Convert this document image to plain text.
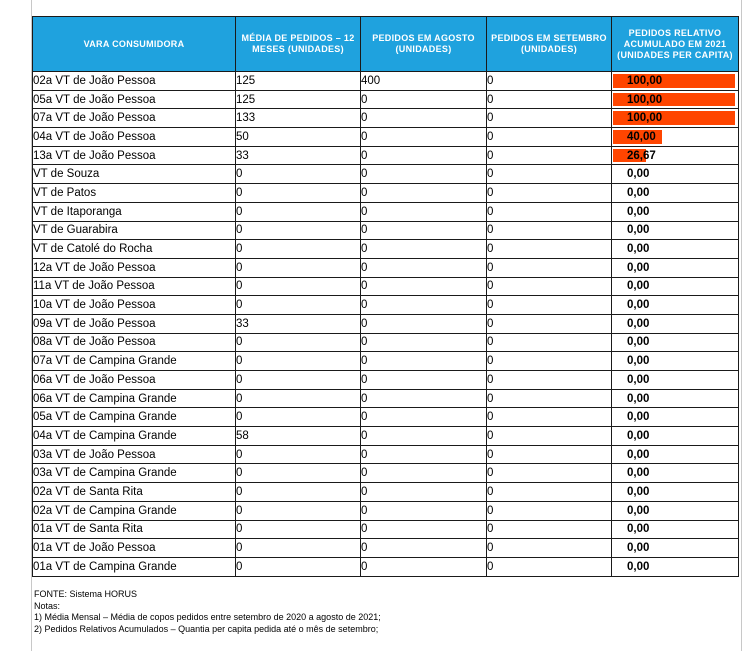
VARA CONSUMIDORA	MÉDIA DE PEDIDOS – 12 MESES (UNIDADES)	PEDIDOS EM AGOSTO (UNIDADES)	PEDIDOS EM SETEMBRO (UNIDADES)	PEDIDOS RELATIVO ACUMULADO EM 2021 (UNIDADES PER CAPITA)
02a VT de João Pessoa	125	400	0	100,00
05a VT de João Pessoa	125	0	0	100,00
07a VT de João Pessoa	133	0	0	100,00
04a VT de João Pessoa	50	0	0	40,00
13a VT de João Pessoa	33	0	0	26,67
VT de Souza	0	0	0	0,00
VT de Patos	0	0	0	0,00
VT de Itaporanga	0	0	0	0,00
VT de Guarabira	0	0	0	0,00
VT de Catolé do Rocha	0	0	0	0,00
12a VT de João Pessoa	0	0	0	0,00
11a VT de João Pessoa	0	0	0	0,00
10a VT de João Pessoa	0	0	0	0,00
09a VT de João Pessoa	33	0	0	0,00
08a VT de João Pessoa	0	0	0	0,00
07a VT de Campina Grande	0	0	0	0,00
06a VT de João Pessoa	0	0	0	0,00
06a VT de Campina Grande	0	0	0	0,00
05a VT de Campina Grande	0	0	0	0,00
04a VT de Campina Grande	58	0	0	0,00
03a VT de João Pessoa	0	0	0	0,00
03a VT de Campina Grande	0	0	0	0,00
02a VT de Santa Rita	0	0	0	0,00
02a VT de Campina Grande	0	0	0	0,00
01a VT de Santa Rita	0	0	0	0,00
01a VT de João Pessoa	0	0	0	0,00
01a VT de Campina Grande	0	0	0	0,00
FONTE: Sistema HORUS
Notas:
1) Média Mensal – Média de copos pedidos entre setembro de 2020 a agosto de 2021;
2) Pedidos Relativos Acumulados – Quantia per capita pedida até o mês de setembro;
